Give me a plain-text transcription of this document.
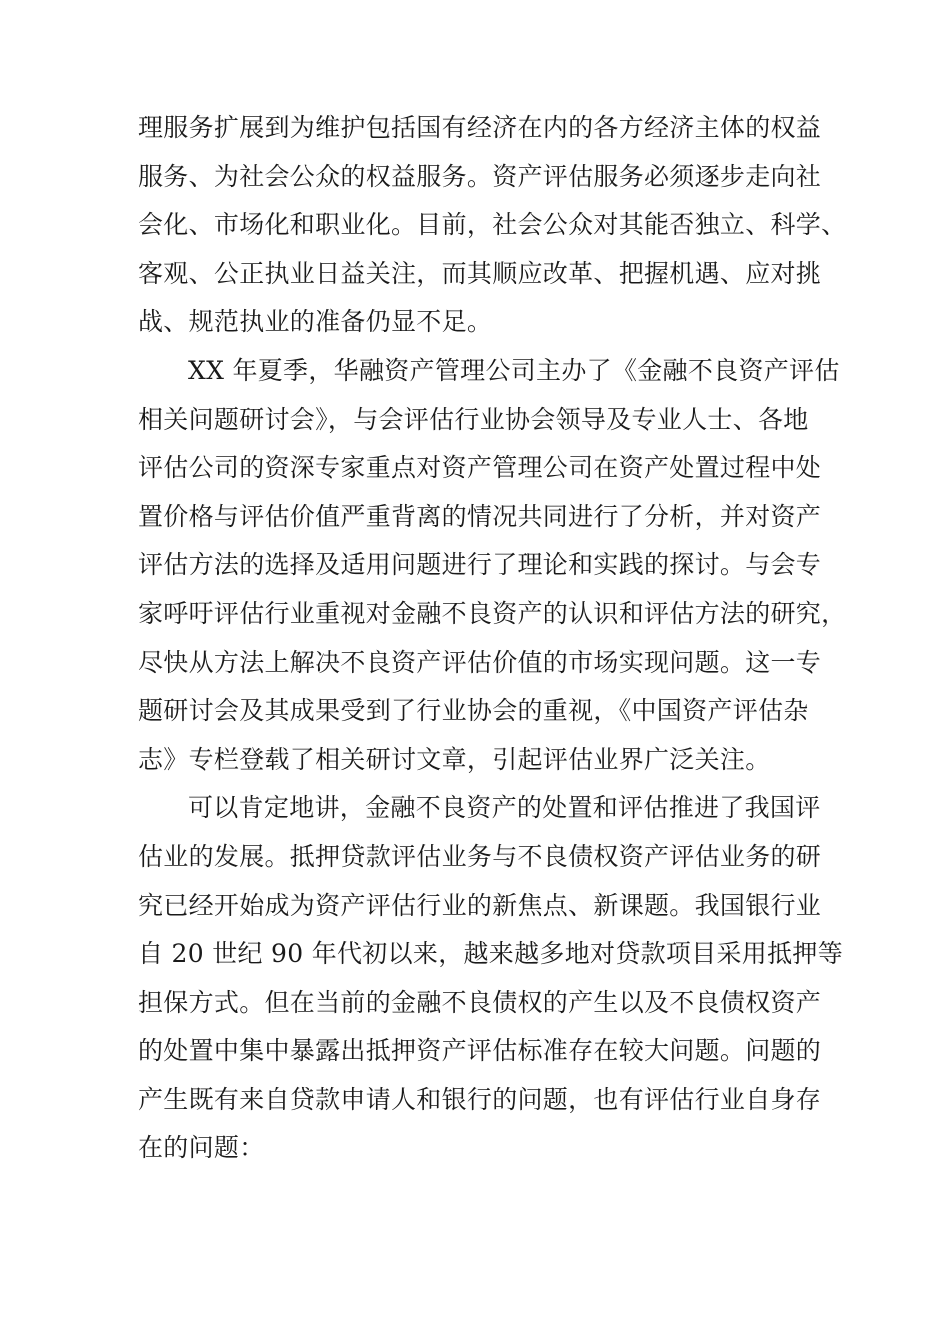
理服务扩展到为维护包括国有经济在内的各方经济主体的权益
服务、为社会公众的权益服务。资产评估服务必须逐步走向社
会化、市场化和职业化。目前，社会公众对其能否独立、科学、
客观、公正执业日益关注，而其顺应改革、把握机遇、应对挑
战、规范执业的准备仍显不足。

XX 年夏季，华融资产管理公司主办了《金融不良资产评估
相关问题研讨会》，与会评估行业协会领导及专业人士、各地
评估公司的资深专家重点对资产管理公司在资产处置过程中处
置价格与评估价值严重背离的情况共同进行了分析，并对资产
评估方法的选择及适用问题进行了理论和实践的探讨。与会专
家呼吁评估行业重视对金融不良资产的认识和评估方法的研究，
尽快从方法上解决不良资产评估价值的市场实现问题。这一专
题研讨会及其成果受到了行业协会的重视，《中国资产评估杂
志》专栏登载了相关研讨文章，引起评估业界广泛关注。

可以肯定地讲，金融不良资产的处置和评估推进了我国评
估业的发展。抵押贷款评估业务与不良债权资产评估业务的研
究已经开始成为资产评估行业的新焦点、新课题。我国银行业
自 20 世纪 90 年代初以来，越来越多地对贷款项目采用抵押等
担保方式。但在当前的金融不良债权的产生以及不良债权资产
的处置中集中暴露出抵押资产评估标准存在较大问题。问题的
产生既有来自贷款申请人和银行的问题，也有评估行业自身存
在的问题：
